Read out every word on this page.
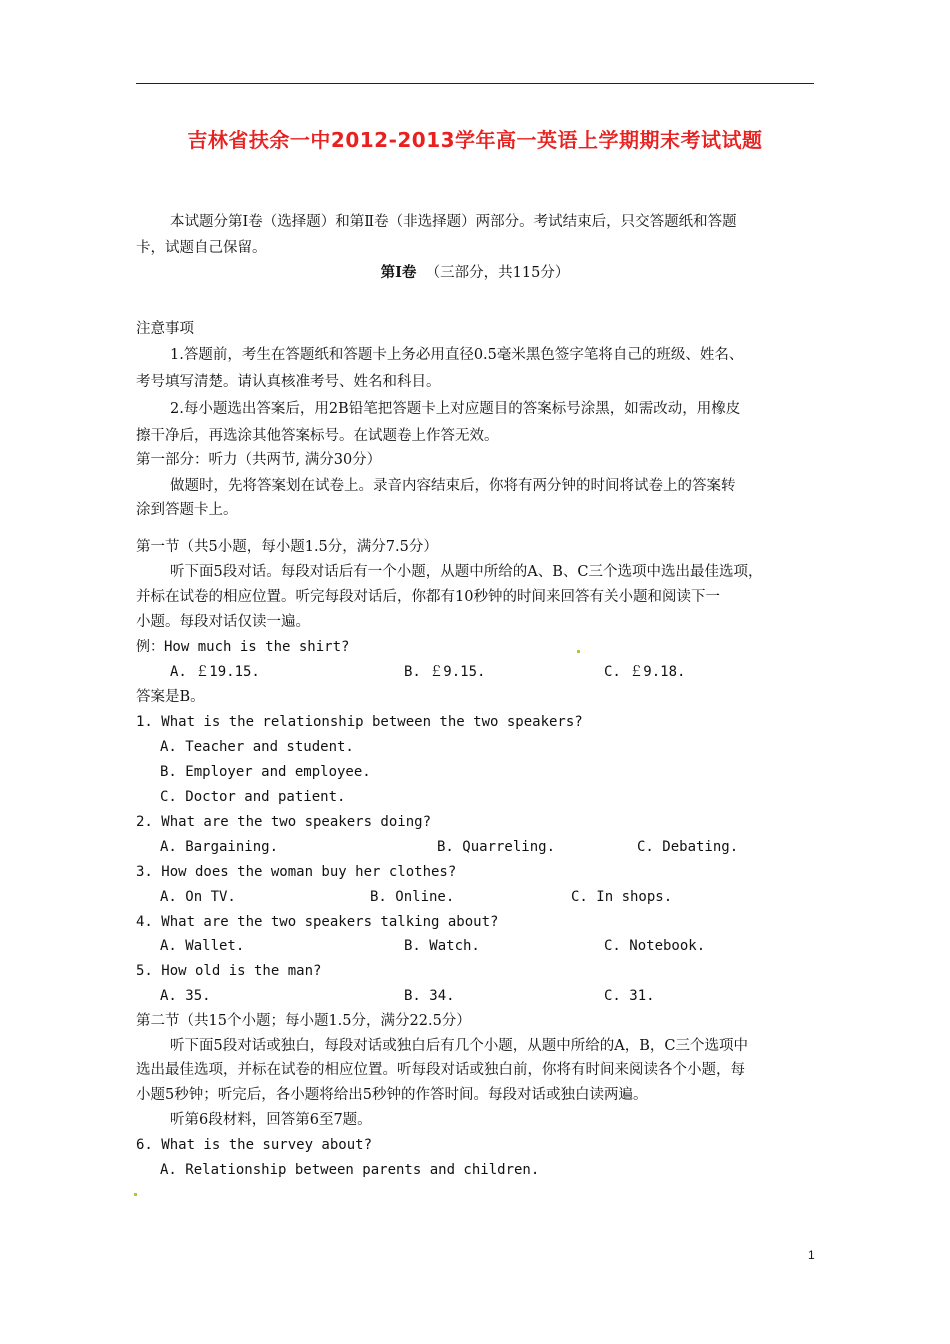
吉林省扶余一中2012-2013学年高一英语上学期期末考试试题
本试题分第Ⅰ卷（选择题）和第Ⅱ卷（非选择题）两部分。考试结束后，只交答题纸和答题
卡，试题自己保留。
第Ⅰ卷 （三部分，共115分）
注意事项
1.答题前，考生在答题纸和答题卡上务必用直径0.5毫米黑色签字笔将自己的班级、姓名、
考号填写清楚。请认真核准考号、姓名和科目。
2.每小题选出答案后，用2B铅笔把答题卡上对应题目的答案标号涂黑，如需改动，用橡皮
擦干净后，再选涂其他答案标号。在试题卷上作答无效。
第一部分：听力（共两节, 满分30分）
做题时，先将答案划在试卷上。录音内容结束后，你将有两分钟的时间将试卷上的答案转
涂到答题卡上。
第一节（共5小题，每小题1.5分，满分7.5分）
听下面5段对话。每段对话后有一个小题，从题中所给的A、B、C三个选项中选出最佳选项，
并标在试卷的相应位置。听完每段对话后，你都有10秒钟的时间来回答有关小题和阅读下一
小题。每段对话仅读一遍。
例：How much is the shirt?
A. ￡19.15.	B. ￡9.15.	C. ￡9.18.
答案是B。
1. What is the relationship between the two speakers?
A. Teacher and student.
B. Employer and employee.
C. Doctor and patient.
2. What are the two speakers doing?
A. Bargaining.	B. Quarreling.	C. Debating.
3. How does the woman buy her clothes?
A. On TV.	B. Online.	C. In shops.
4. What are the two speakers talking about?
A. Wallet.	B. Watch.	C. Notebook.
5. How old is the man?
A. 35.	B. 34.	C. 31.
第二节（共15个小题；每小题1.5分，满分22.5分）
听下面5段对话或独白，每段对话或独白后有几个小题，从题中所给的A，B，C三个选项中
选出最佳选项，并标在试卷的相应位置。听每段对话或独白前，你将有时间来阅读各个小题，每
小题5秒钟；听完后，各小题将给出5秒钟的作答时间。每段对话或独白读两遍。
听第6段材料，回答第6至7题。
6. What is the survey about?
A. Relationship between parents and children.
1
